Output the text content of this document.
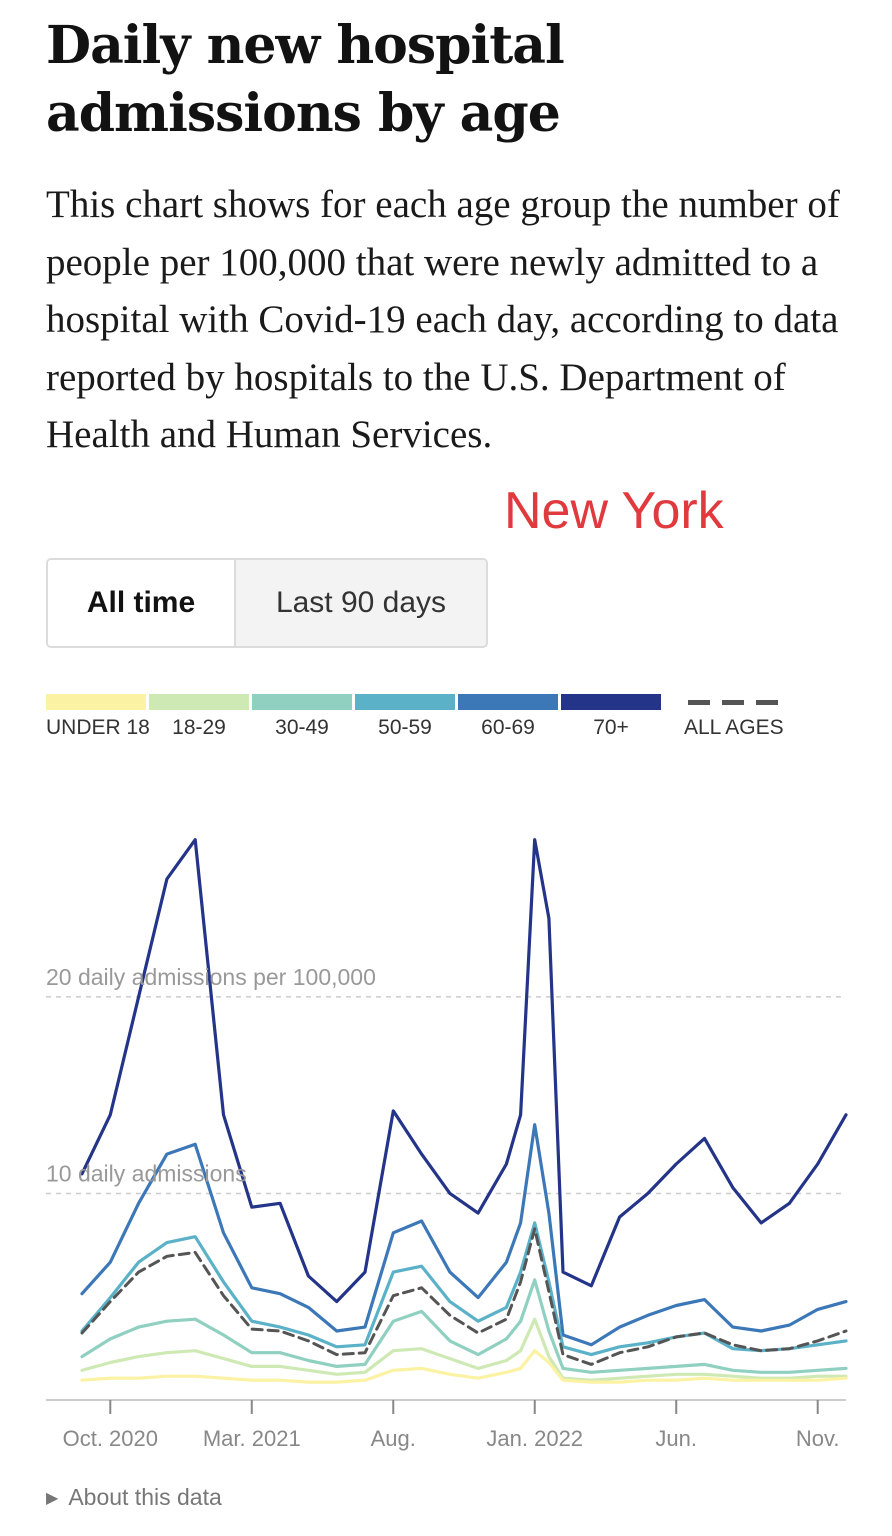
Daily new hospital admissions by age

This chart shows for each age group the number of people per 100,000 that were newly admitted to a hospital with Covid-19 each day, according to data reported by hospitals to the U.S. Department of Health and Human Services.

New York
All time	Last 90 days
UNDER 18 18-29 30-49 50-59 60-69	70+	ALL AGES
20 daily admissions per 100,000
10 daily admissions
Oct. 2020 Mar. 2021	Aug.	Jan. 2022	Jun.	Nov.
▶ About this data
